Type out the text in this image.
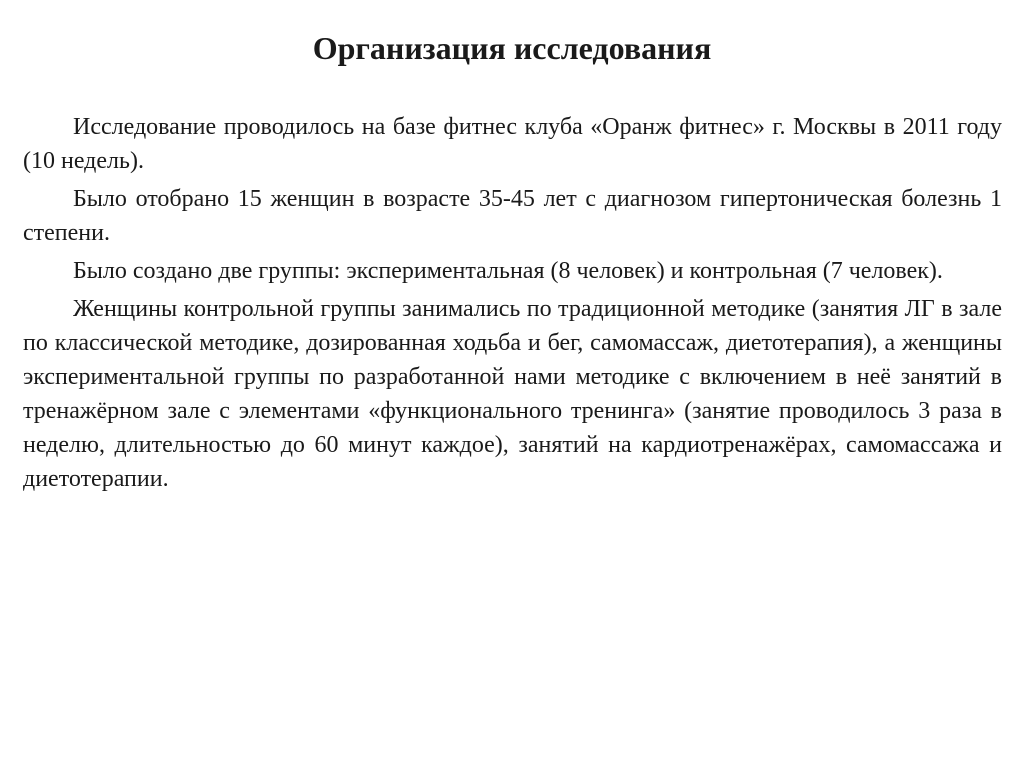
Организация исследования

Исследование проводилось на базе фитнес клуба «Оранж фитнес» г. Москвы в 2011 году (10 недель).

Было отобрано 15 женщин в возрасте 35-45 лет с диагнозом гипертоническая болезнь 1 степени.

Было создано две группы: экспериментальная (8 человек) и контрольная (7 человек).

Женщины контрольной группы занимались по традиционной методике (занятия ЛГ в зале по классической методике, дозированная ходьба и бег, самомассаж, диетотерапия), а женщины экспериментальной группы по разработанной нами методике с включением в неё занятий в тренажёрном зале с элементами «функционального тренинга» (занятие проводилось 3 раза в неделю, длительностью до 60 минут каждое), занятий на кардиотренажёрах, самомассажа и диетотерапии.
